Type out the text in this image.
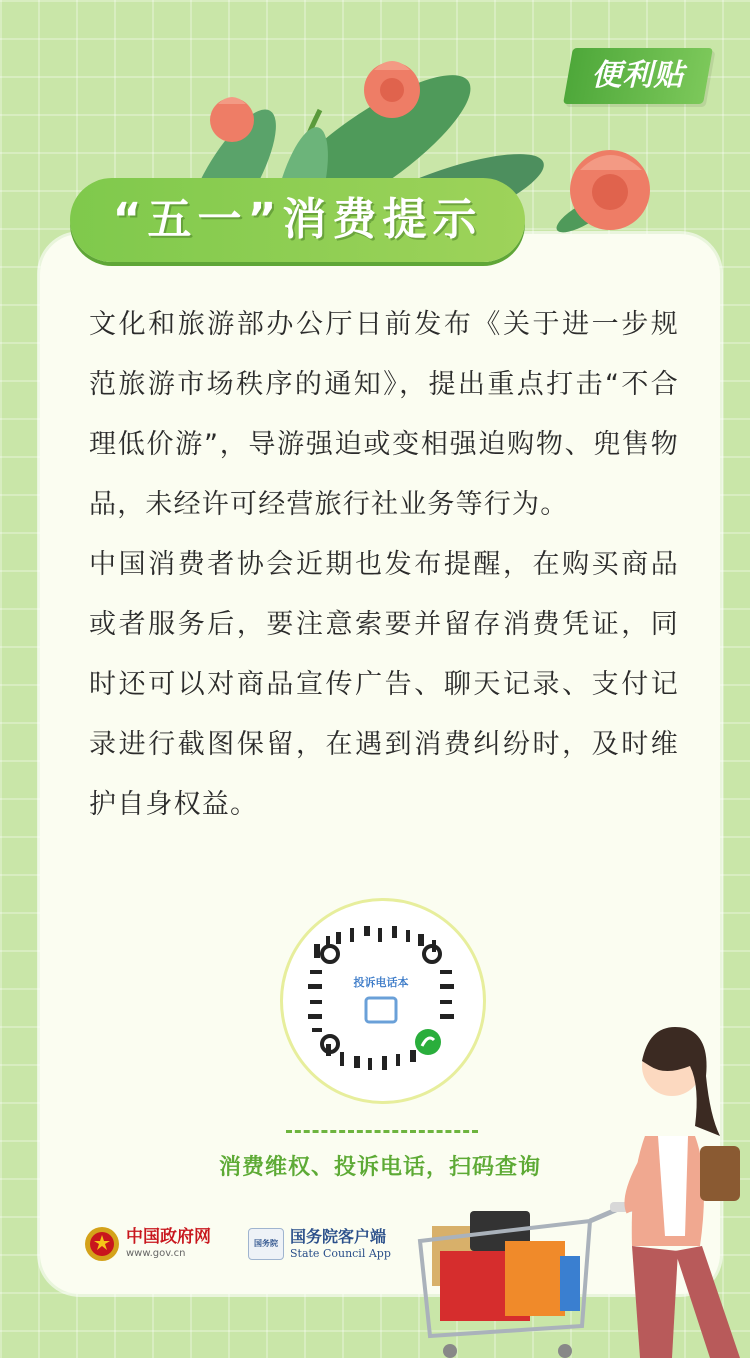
便利贴
“五一”消费提示

文化和旅游部办公厅日前发布《关于进一步规范旅游市场秩序的通知》，提出重点打击“不合理低价游”，导游强迫或变相强迫购物、兜售物品，未经许可经营旅行社业务等行为。

中国消费者协会近期也发布提醒，在购买商品或者服务后，要注意索要并留存消费凭证，同时还可以对商品宣传广告、聊天记录、支付记录进行截图保留，在遇到消费纠纷时，及时维护自身权益。

投诉电话本
消费维权、投诉电话，扫码查询
中国政府网
www.gov.cn
国务院 国务院客户端
State Council App
